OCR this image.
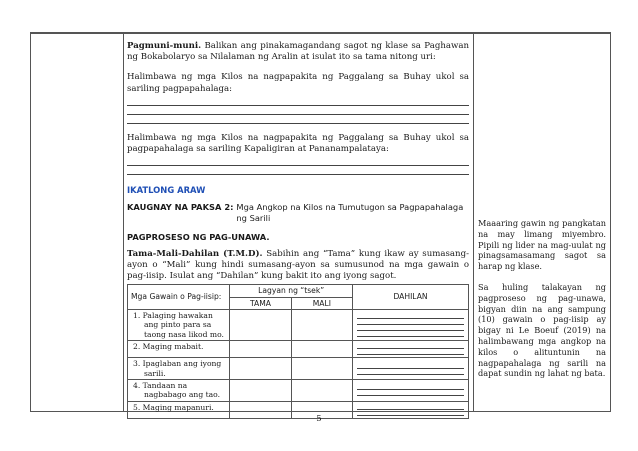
Pagmuni-muni. Balikan ang pinakamagandang sagot ng klase sa Paghawan ng Bokabolaryo sa Nilalaman ng Aralin at isulat ito sa tama nitong uri:

Halimbawa ng mga Kilos na nagpapakita ng Paggalang sa Buhay ukol sa sariling pagpapahalaga:

Halimbawa ng mga Kilos na nagpapakita ng Paggalang sa Buhay ukol sa pagpapahalaga sa sariling Kapaligiran at Pananampalataya:

IKATLONG ARAW
KAUGNAY NA PAKSA 2: Mga Angkop na Kilos na Tumutugon sa Pagpapahalaga ng Sarili
PAGPROSESO NG PAG-UNAWA.
Tama-Mali-Dahilan (T.M.D). Sabihin ang “Tama” kung ikaw ay sumasang-ayon o “Mali” kung hindi sumasang-ayon sa sumusunod na mga gawain o pag-iisip. Isulat ang “Dahilan” kung bakit ito ang iyong sagot.
Mga Gawain o Pag-iisip:	Lagyan ng “tsek”		DAHILAN
	TAMA	MALI	

1. Palaging hawakan ang pinto para sa taong nasa likod mo.			

2. Maging mabait.			

3. Ipaglaban ang iyong sarili.			

4. Tandaan na nagbabago ang tao.			

5. Maging mapanuri.			

Maaaring gawin ng pangkatan na may limang miyembro. Pipili ng lider na mag-uulat ng pinagsamasamang sagot sa harap ng klase.

Sa huling talakayan ng pagproseso ng pag-unawa, bigyan diin na ang sampung (10) gawain o pag-iisip ay bigay ni Le Boeuf (2019) na halimbawang mga angkop na kilos o alituntunin na nagpapahalaga ng sarili na dapat sundin ng lahat ng bata.

5
